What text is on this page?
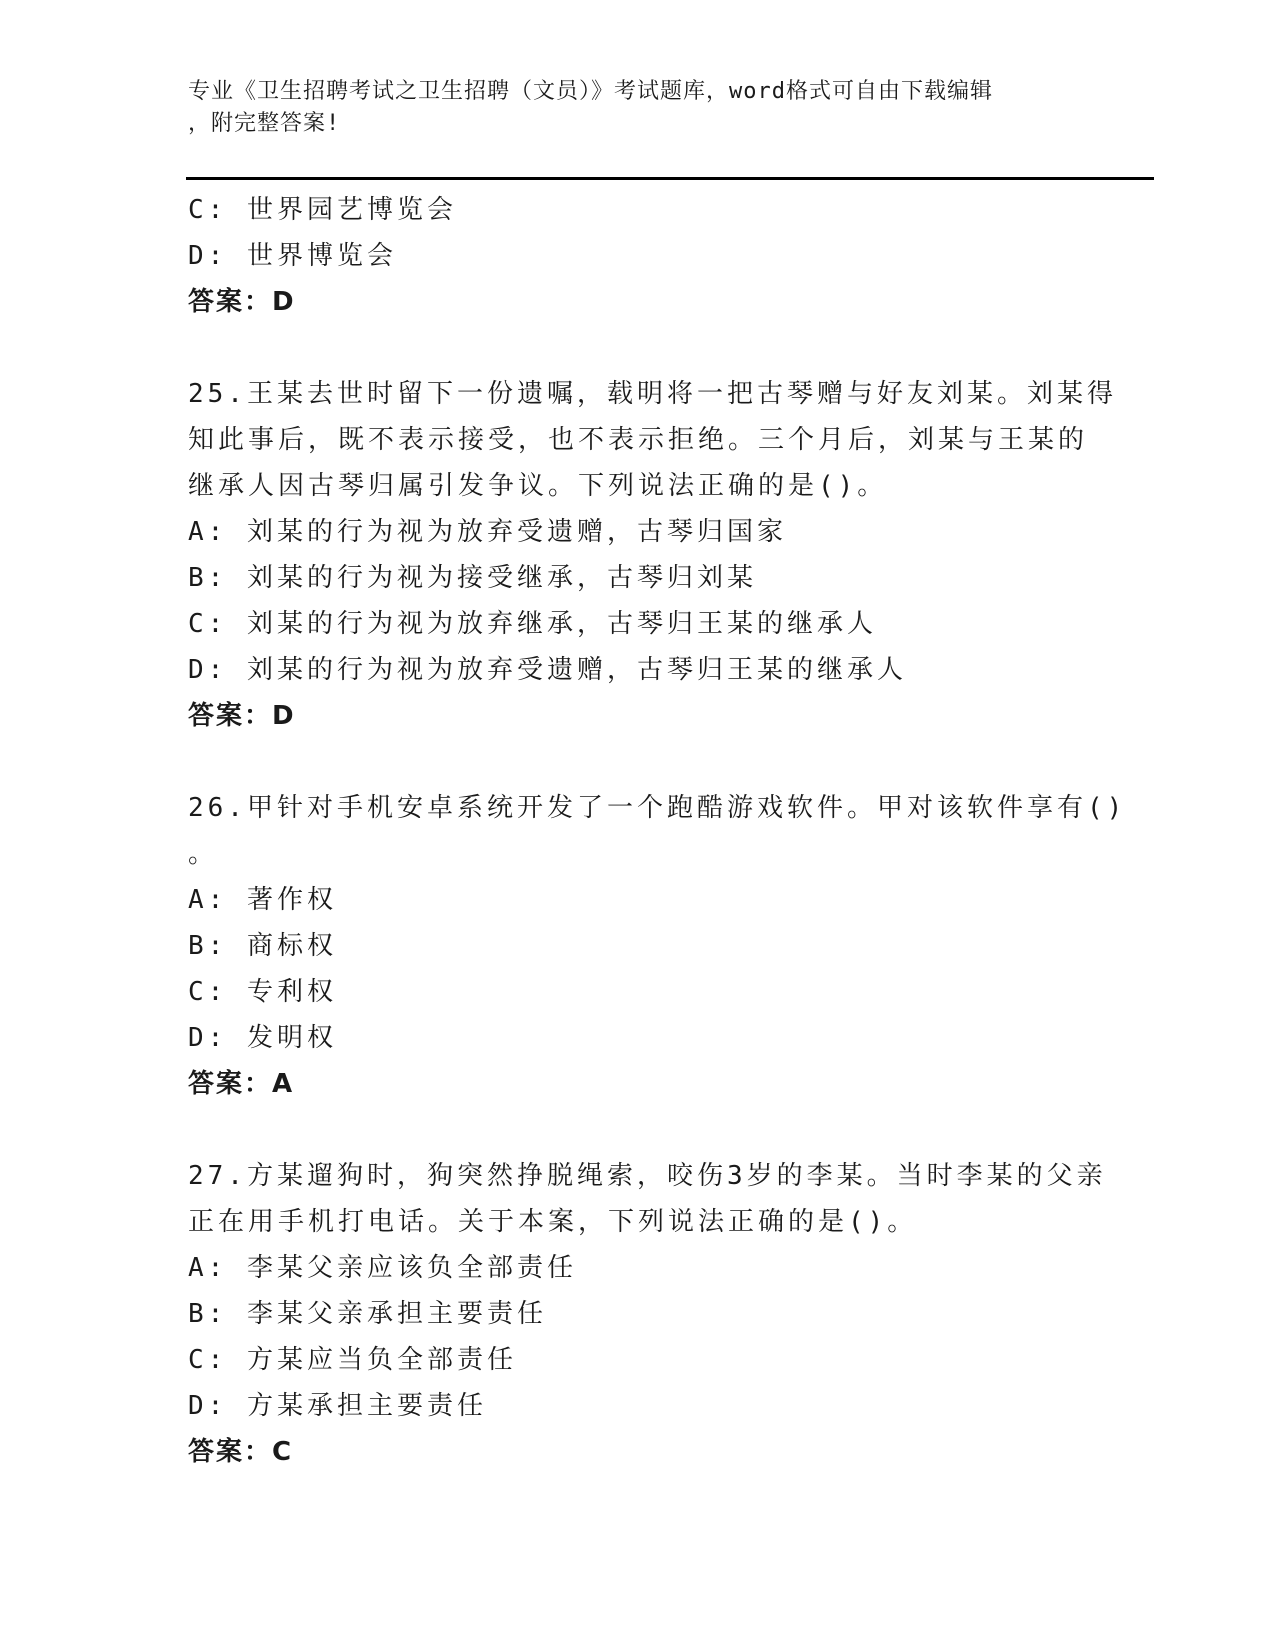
专业《卫生招聘考试之卫生招聘（文员）》考试题库，word格式可自由下载编辑
，附完整答案!
C: 世界园艺博览会
D: 世界博览会
答案：D
25.王某去世时留下一份遗嘱，载明将一把古琴赠与好友刘某。刘某得
知此事后，既不表示接受，也不表示拒绝。三个月后，刘某与王某的
继承人因古琴归属引发争议。下列说法正确的是()。
A: 刘某的行为视为放弃受遗赠，古琴归国家
B: 刘某的行为视为接受继承，古琴归刘某
C: 刘某的行为视为放弃继承，古琴归王某的继承人
D: 刘某的行为视为放弃受遗赠，古琴归王某的继承人
答案：D
26.甲针对手机安卓系统开发了一个跑酷游戏软件。甲对该软件享有()
。
A: 著作权
B: 商标权
C: 专利权
D: 发明权
答案：A
27.方某遛狗时，狗突然挣脱绳索，咬伤3岁的李某。当时李某的父亲
正在用手机打电话。关于本案，下列说法正确的是()。
A: 李某父亲应该负全部责任
B: 李某父亲承担主要责任
C: 方某应当负全部责任
D: 方某承担主要责任
答案：C
